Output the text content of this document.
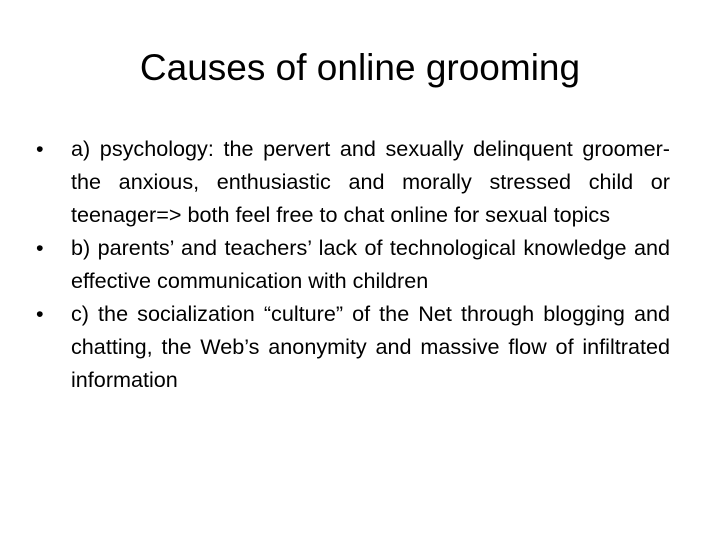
Causes of online grooming
•	a) psychology: the pervert and sexually delinquent groomer-the anxious, enthusiastic and morally stressed child or teenager=> both feel free to chat online for sexual topics
•	b) parents’ and teachers’ lack of technological knowledge and effective communication with children
•	c) the socialization “culture” of the Net through blogging and chatting, the Web’s anonymity and massive flow of infiltrated information
